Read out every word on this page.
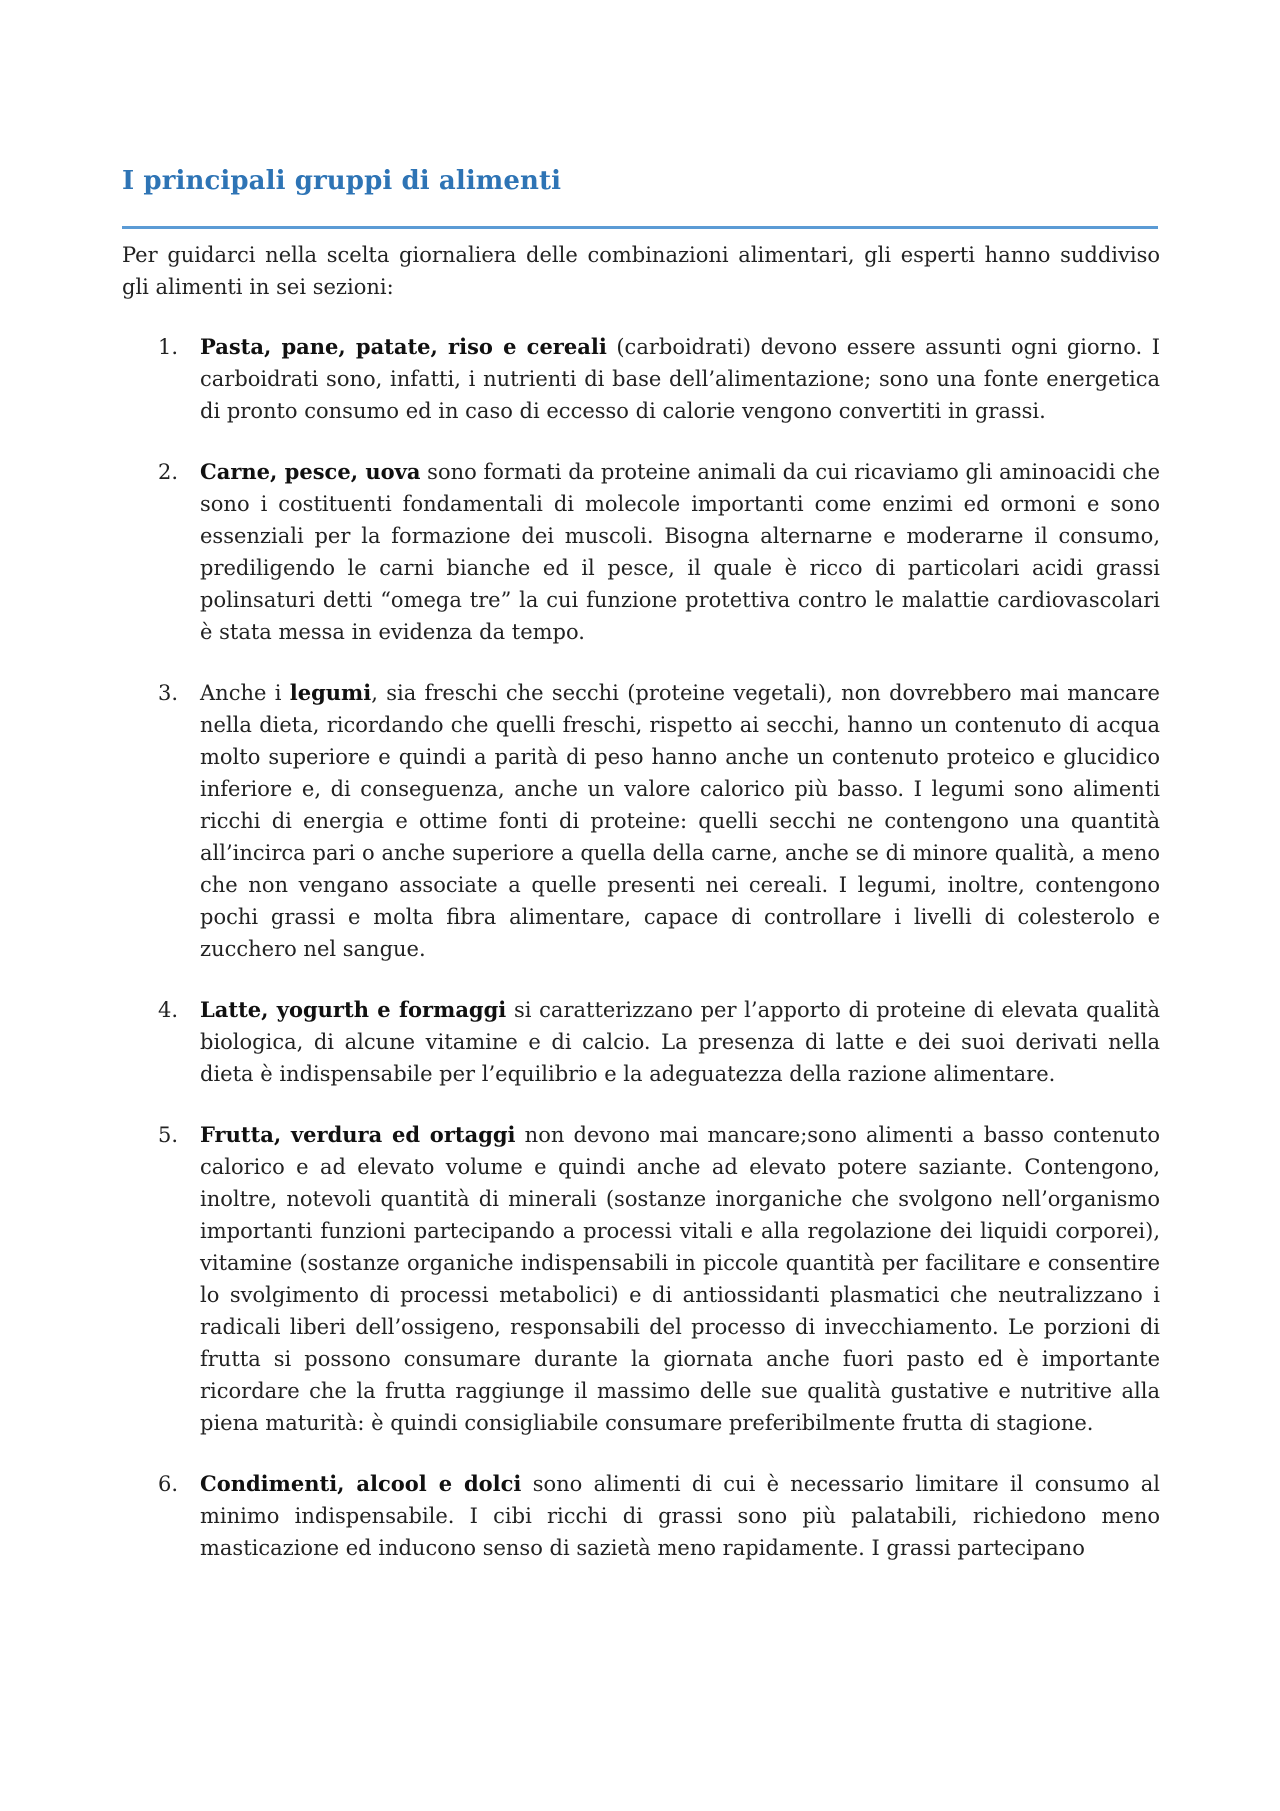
I principali gruppi di alimenti

Per guidarci nella scelta giornaliera delle combinazioni alimentari, gli esperti hanno suddiviso gli alimenti in sei sezioni:

1. Pasta, pane, patate, riso e cereali (carboidrati) devono essere assunti ogni giorno. I carboidrati sono, infatti, i nutrienti di base dell’alimentazione; sono una fonte energetica di pronto consumo ed in caso di eccesso di calorie vengono convertiti in grassi.
2. Carne, pesce, uova sono formati da proteine animali da cui ricaviamo gli aminoacidi che sono i costituenti fondamentali di molecole importanti come enzimi ed ormoni e sono essenziali per la formazione dei muscoli. Bisogna alternarne e moderarne il consumo, prediligendo le carni bianche ed il pesce, il quale è ricco di particolari acidi grassi polinsaturi detti “omega tre” la cui funzione protettiva contro le malattie cardiovascolari è stata messa in evidenza da tempo.
3. Anche i legumi, sia freschi che secchi (proteine vegetali), non dovrebbero mai mancare nella dieta, ricordando che quelli freschi, rispetto ai secchi, hanno un contenuto di acqua molto superiore e quindi a parità di peso hanno anche un contenuto proteico e glucidico inferiore e, di conseguenza, anche un valore calorico più basso. I legumi sono alimenti ricchi di energia e ottime fonti di proteine: quelli secchi ne contengono una quantità all’incirca pari o anche superiore a quella della carne, anche se di minore qualità, a meno che non vengano associate a quelle presenti nei cereali. I legumi, inoltre, contengono pochi grassi e molta fibra alimentare, capace di controllare i livelli di colesterolo e zucchero nel sangue.
4. Latte, yogurth e formaggi si caratterizzano per l’apporto di proteine di elevata qualità biologica, di alcune vitamine e di calcio. La presenza di latte e dei suoi derivati nella dieta è indispensabile per l’equilibrio e la adeguatezza della razione alimentare.
5. Frutta, verdura ed ortaggi non devono mai mancare;sono alimenti a basso contenuto calorico e ad elevato volume e quindi anche ad elevato potere saziante. Contengono, inoltre, notevoli quantità di minerali (sostanze inorganiche che svolgono nell’organismo importanti funzioni partecipando a processi vitali e alla regolazione dei liquidi corporei), vitamine (sostanze organiche indispensabili in piccole quantità per facilitare e consentire lo svolgimento di processi metabolici) e di antiossidanti plasmatici che neutralizzano i radicali liberi dell’ossigeno, responsabili del processo di invecchiamento. Le porzioni di frutta si possono consumare durante la giornata anche fuori pasto ed è importante ricordare che la frutta raggiunge il massimo delle sue qualità gustative e nutritive alla piena maturità: è quindi consigliabile consumare preferibilmente frutta di stagione.
6. Condimenti, alcool e dolci sono alimenti di cui è necessario limitare il consumo al minimo indispensabile. I cibi ricchi di grassi sono più palatabili, richiedono meno masticazione ed inducono senso di sazietà meno rapidamente. I grassi partecipano
